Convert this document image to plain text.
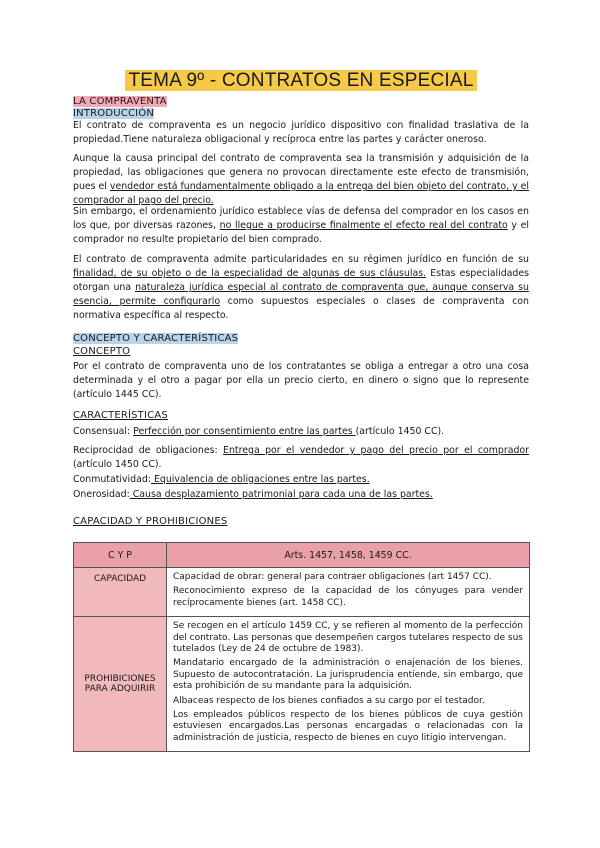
TEMA 9º - CONTRATOS EN ESPECIAL
LA COMPRAVENTA
INTRODUCCIÓN
El contrato de compraventa es un negocio jurídico dispositivo con finalidad traslativa de la propiedad.Tiene naturaleza obligacional y recíproca entre las partes y carácter oneroso.
Aunque la causa principal del contrato de compraventa sea la transmisión y adquisición de la propiedad, las obligaciones que genera no provocan directamente este efecto de transmisión, pues el vendedor está fundamentalmente obligado a la entrega del bien objeto del contrato, y el comprador al pago del precio.
Sin embargo, el ordenamiento jurídico establece vías de defensa del comprador en los casos en los que, por diversas razones, no llegue a producirse finalmente el efecto real del contrato y el comprador no resulte propietario del bien comprado.
El contrato de compraventa admite particularidades en su régimen jurídico en función de su finalidad, de su objeto o de la especialidad de algunas de sus cláusulas. Estas especialidades otorgan una naturaleza jurídica especial al contrato de compraventa que, aunque conserva su esencia, permite configurarlo como supuestos especiales o clases de compraventa con normativa específica al respecto.
CONCEPTO Y CARACTERÍSTICAS
CONCEPTO
Por el contrato de compraventa uno de los contratantes se obliga a entregar a otro una cosa determinada y el otro a pagar por ella un precio cierto, en dinero o signo que lo represente (artículo 1445 CC).
CARACTERÍSTICAS
Consensual: Perfección por consentimiento entre las partes (artículo 1450 CC).
Reciprocidad de obligaciones: Entrega por el vendedor y pago del precio por el comprador (artículo 1450 CC).
Conmutatividad: Equivalencia de obligaciones entre las partes.
Onerosidad: Causa desplazamiento patrimonial para cada una de las partes.
CAPACIDAD Y PROHIBICIONES
C Y P	Arts. 1457, 1458, 1459 CC.
CAPACIDAD	Capacidad de obrar: general para contraer obligaciones (art 1457 CC).
Reconocimiento expreso de la capacidad de los cónyuges para vender recíprocamente bienes (art. 1458 CC).

PROHIBICIONES PARA ADQUIRIR	Se recogen en el artículo 1459 CC, y se refieren al momento de la perfección del contrato. Las personas que desempeñen cargos tutelares respecto de sus tutelados (Ley de 24 de octubre de 1983).
Mandatario encargado de la administración o enajenación de los bienes. Supuesto de autocontratación. La jurisprudencia entiende, sin embargo, que esta prohibición de su mandante para la adquisición.
Albaceas respecto de los bienes confiados a su cargo por el testador.
Los empleados públicos respecto de los bienes públicos de cuya gestión estuviesen encargados.Las personas encargadas o relacionadas con la administración de justicia, respecto de bienes en cuyo litigio intervengan.
